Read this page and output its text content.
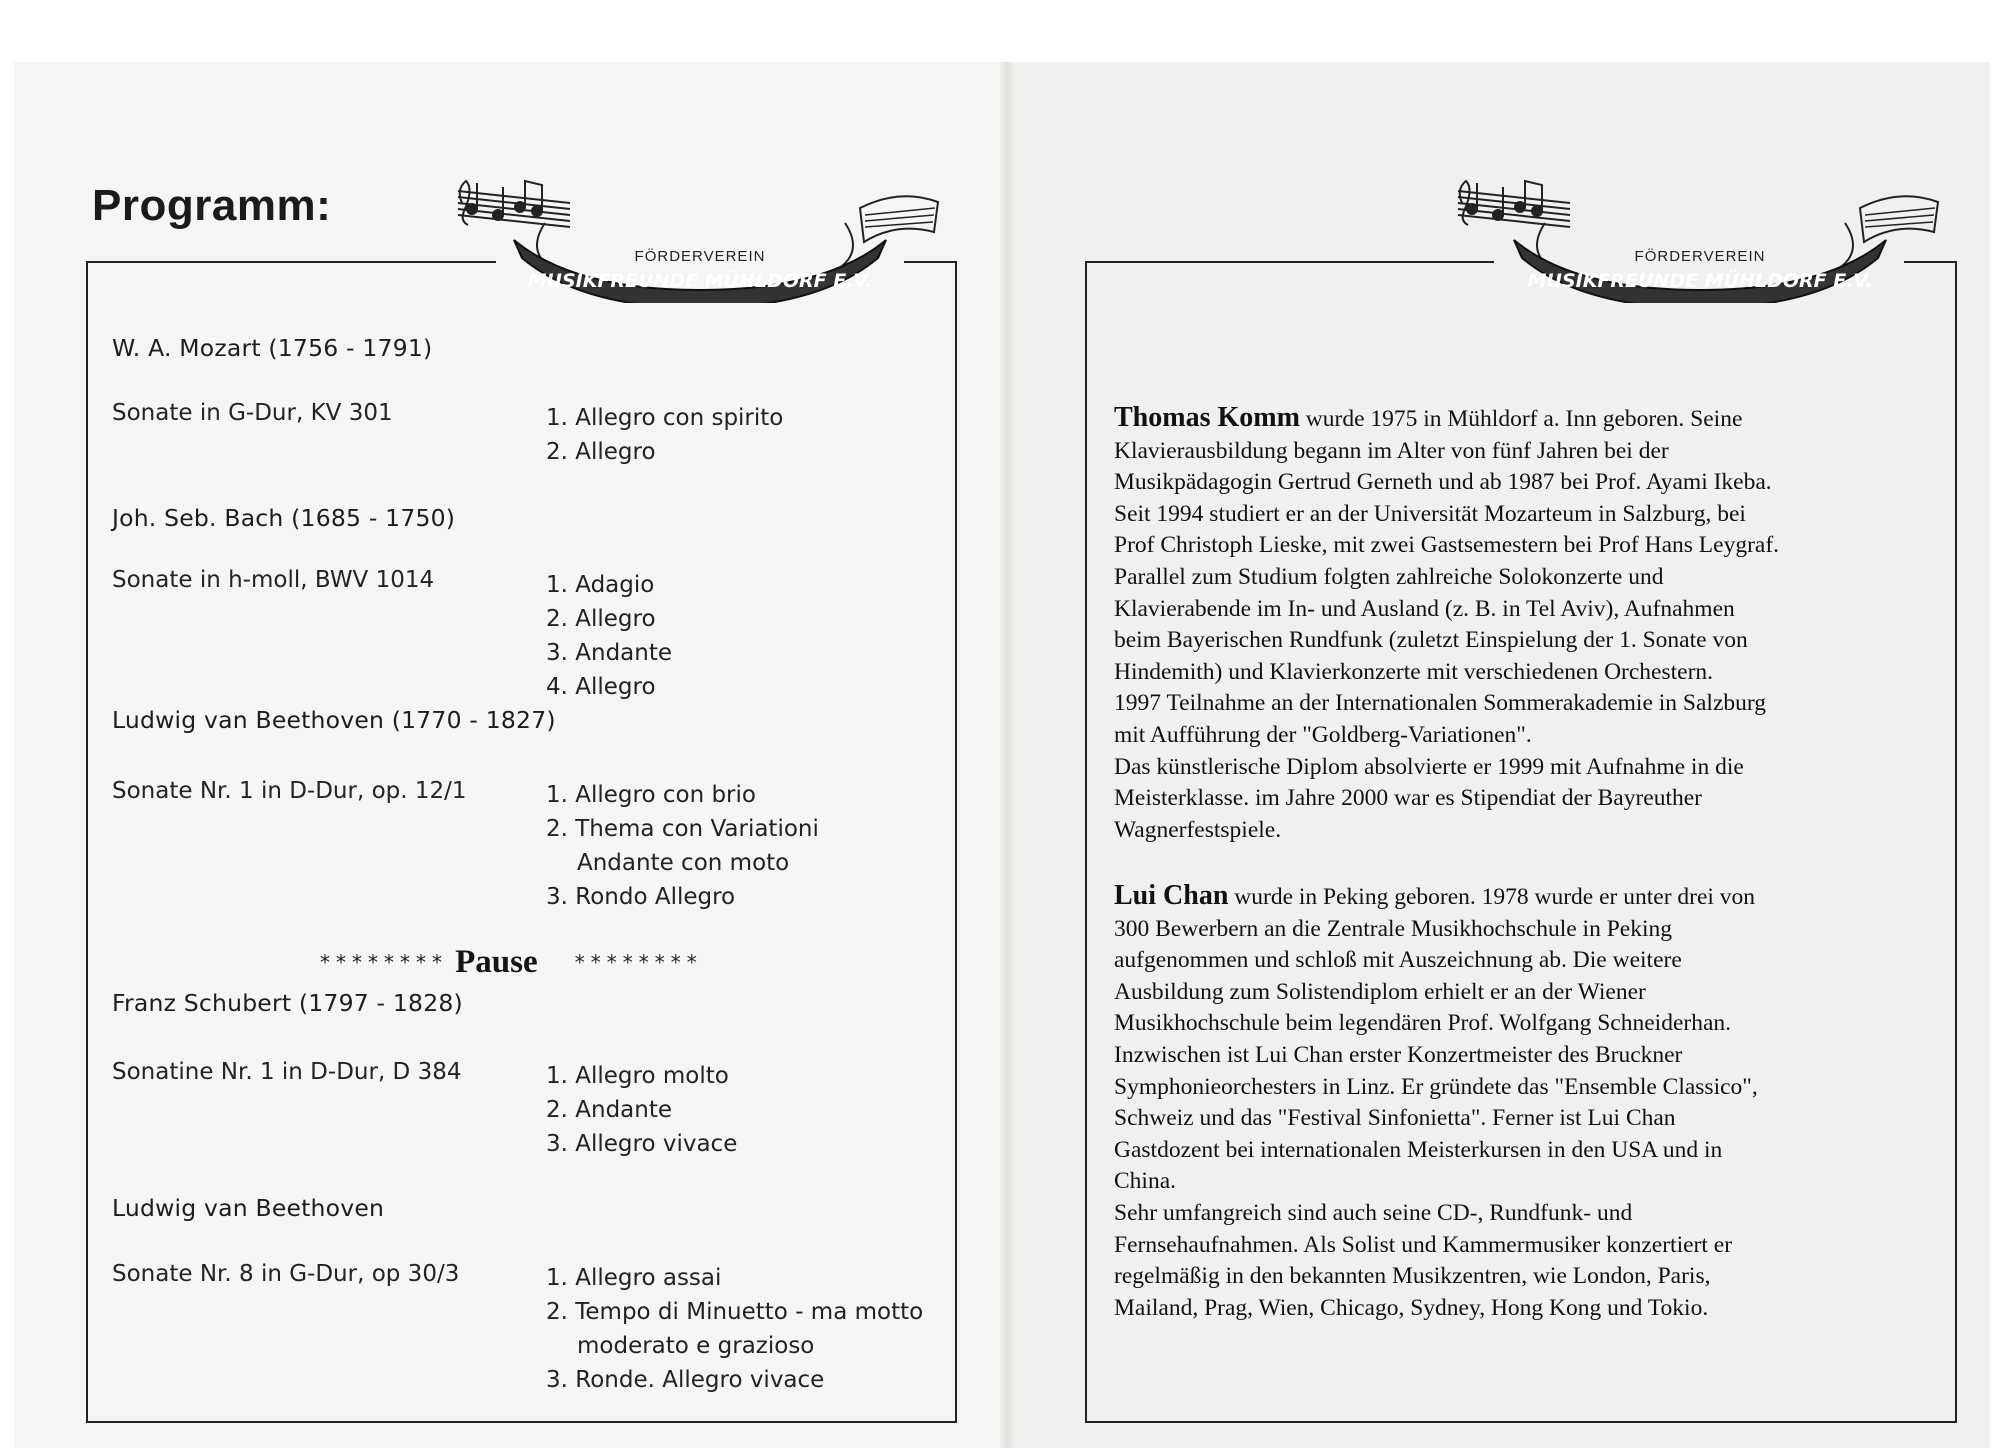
Programm:
FÖRDERVEREIN
MUSIKFREUNDE MÜHLDORF E.V.
W. A. Mozart (1756 - 1791)
Sonate in G-Dur, KV 301	1. Allegro con spirito
2. Allegro
Joh. Seb. Bach (1685 - 1750)
Sonate in h-moll, BWV 1014	1. Adagio
2. Allegro
3. Andante
4. Allegro
Ludwig van Beethoven (1770 - 1827)
Sonate Nr. 1 in D-Dur, op. 12/1	1. Allegro con brio
2. Thema con Variationi
Andante con moto
3. Rondo Allegro
******** Pause ********
Franz Schubert (1797 - 1828)
Sonatine Nr. 1 in D-Dur, D 384	1. Allegro molto
2. Andante
3. Allegro vivace
Ludwig van Beethoven
Sonate Nr. 8 in G-Dur, op 30/3	1. Allegro assai
2. Tempo di Minuetto - ma motto
moderato e grazioso
3. Ronde. Allegro vivace
FÖRDERVEREIN
MUSIKFREUNDE MÜHLDORF E.V.

Thomas Komm wurde 1975 in Mühldorf a. Inn geboren. Seine

Klavierausbildung begann im Alter von fünf Jahren bei der

Musikpädagogin Gertrud Gerneth und ab 1987 bei Prof. Ayami Ikeba.

Seit 1994 studiert er an der Universität Mozarteum in Salzburg, bei

Prof Christoph Lieske, mit zwei Gastsemestern bei Prof Hans Leygraf.

Parallel zum Studium folgten zahlreiche Solokonzerte und

Klavierabende im In- und Ausland (z. B. in Tel Aviv), Aufnahmen

beim Bayerischen Rundfunk (zuletzt Einspielung der 1. Sonate von

Hindemith) und Klavierkonzerte mit verschiedenen Orchestern.

1997 Teilnahme an der Internationalen Sommerakademie in Salzburg

mit Aufführung der "Goldberg-Variationen".

Das künstlerische Diplom absolvierte er 1999 mit Aufnahme in die

Meisterklasse. im Jahre 2000 war es Stipendiat der Bayreuther

Wagnerfestspiele.

Lui Chan wurde in Peking geboren. 1978 wurde er unter drei von

300 Bewerbern an die Zentrale Musikhochschule in Peking

aufgenommen und schloß mit Auszeichnung ab. Die weitere

Ausbildung zum Solistendiplom erhielt er an der Wiener

Musikhochschule beim legendären Prof. Wolfgang Schneiderhan.

Inzwischen ist Lui Chan erster Konzertmeister des Bruckner

Symphonieorchesters in Linz. Er gründete das "Ensemble Classico",

Schweiz und das "Festival Sinfonietta". Ferner ist Lui Chan

Gastdozent bei internationalen Meisterkursen in den USA und in

China.

Sehr umfangreich sind auch seine CD-, Rundfunk- und

Fernsehaufnahmen. Als Solist und Kammermusiker konzertiert er

regelmäßig in den bekannten Musikzentren, wie London, Paris,

Mailand, Prag, Wien, Chicago, Sydney, Hong Kong und Tokio.
